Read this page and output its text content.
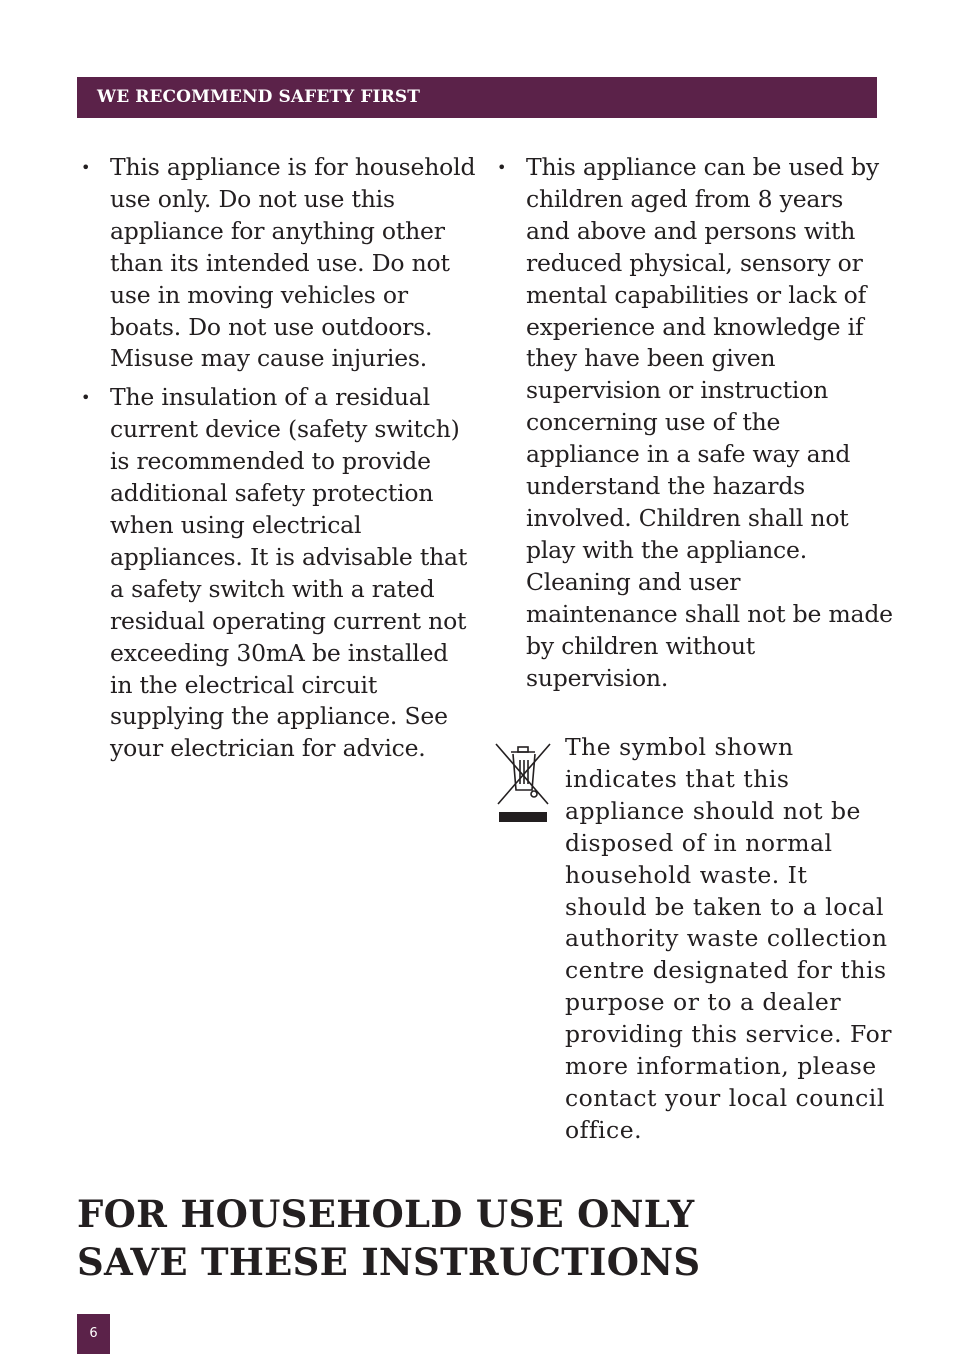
WE RECOMMEND SAFETY FIRST
• This appliance is for household use only. Do not use this appliance for anything other than its intended use. Do not use in moving vehicles or boats. Do not use outdoors. Misuse may cause injuries.
• The insulation of a residual current device (safety switch) is recommended to provide additional safety protection when using electrical appliances. It is advisable that a safety switch with a rated residual operating current not exceeding 30mA be installed in the electrical circuit supplying the appliance. See your electrician for advice.
• This appliance can be used by children aged from 8 years and above and persons with reduced physical, sensory or mental capabilities or lack of experience and knowledge if they have been given supervision or instruction concerning use of the appliance in a safe way and understand the hazards involved. Children shall not play with the appliance. Cleaning and user maintenance shall not be made by children without supervision.

The symbol shown indicates that this appliance should not be disposed of in normal household waste. It should be taken to a local authority waste collection centre designated for this purpose or to a dealer providing this service. For more information, please contact your local council office.

FOR HOUSEHOLD USE ONLY
SAVE THESE INSTRUCTIONS
6
